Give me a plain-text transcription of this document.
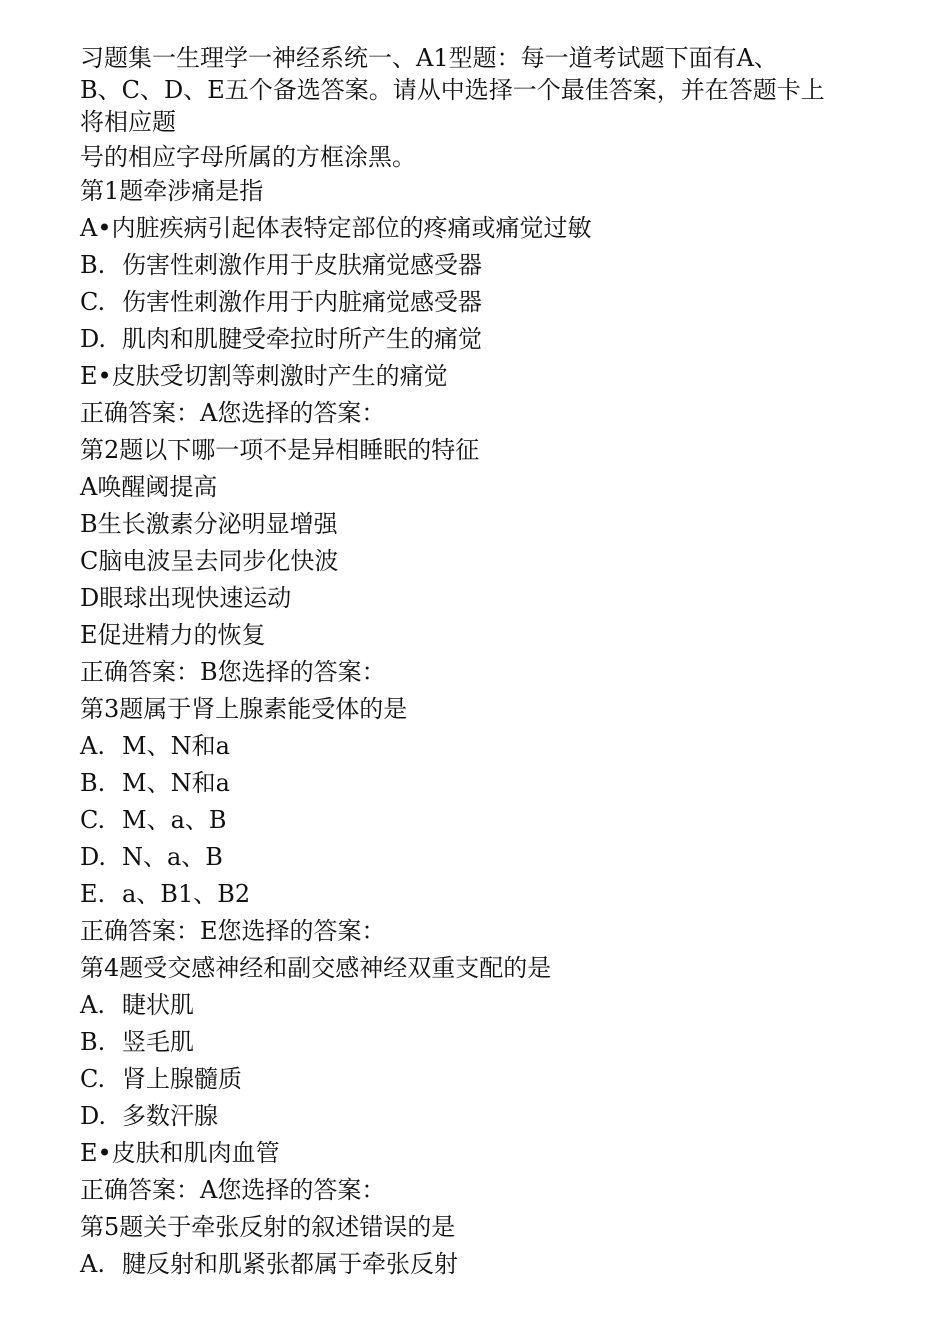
习题集一生理学一神经系统一、A1型题：每一道考试题下面有A、
B、C、D、E五个备选答案。请从中选择一个最佳答案，并在答题卡上
将相应题

号的相应字母所属的方框涂黑。

第1题牵涉痛是指
A•内脏疾病引起体表特定部位的疼痛或痛觉过敏
B. 伤害性刺激作用于皮肤痛觉感受器
C. 伤害性刺激作用于内脏痛觉感受器
D. 肌肉和肌腱受牵拉时所产生的痛觉
E•皮肤受切割等刺激时产生的痛觉
正确答案：A您选择的答案：
第2题以下哪一项不是异相睡眠的特征
A唤醒阈提高
B生长激素分泌明显增强
C脑电波呈去同步化快波
D眼球出现快速运动
E促进精力的恢复
正确答案：B您选择的答案：
第3题属于肾上腺素能受体的是
A. M、N和a
B. M、N和a
C. M、a、B
D. N、a、B
E. a、B1、B2
正确答案：E您选择的答案：
第4题受交感神经和副交感神经双重支配的是
A. 睫状肌
B. 竖毛肌
C. 肾上腺髓质
D. 多数汗腺
E•皮肤和肌肉血管
正确答案：A您选择的答案：
第5题关于牵张反射的叙述错误的是
A. 腱反射和肌紧张都属于牵张反射
